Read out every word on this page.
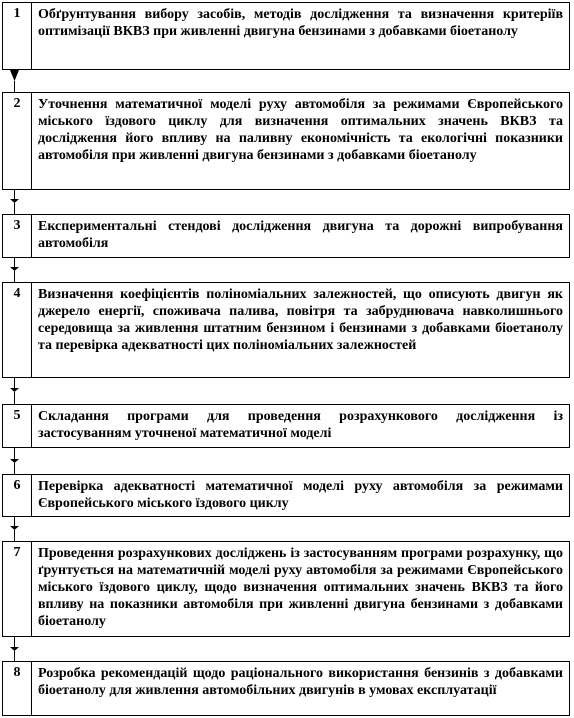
1	Обґрунтування вибору засобів, методів дослідження та визначення критеріїв оптимізації ВКВЗ при живленні двигуна бензинами з добавками біоетанолу
2	Уточнення математичної моделі руху автомобіля за режимами Європейського міського їздового циклу для визначення оптимальних значень ВКВЗ та дослідження його впливу на паливну економічність та екологічні показники автомобіля при живленні двигуна бензинами з добавками біоетанолу
3	Експериментальні стендові дослідження двигуна та дорожні випробування автомобіля
4	Визначення коефіцієнтів поліноміальних залежностей, що описують двигун як джерело енергії, споживача палива, повітря та забруднювача навколишнього середовища за живлення штатним бензином і бензинами з добавками біоетанолу та перевірка адекватності цих поліноміальних залежностей
5	Складання програми для проведення розрахункового дослідження із застосуванням уточненої математичної моделі
6	Перевірка адекватності математичної моделі руху автомобіля за режимами Європейського міського їздового циклу
7	Проведення розрахункових досліджень із застосуванням програми розрахунку, що ґрунтується на математичній моделі руху автомобіля за режимами Європейського міського їздового циклу, щодо визначення оптимальних значень ВКВЗ та його впливу на показники автомобіля при живленні двигуна бензинами з добавками біоетанолу
8	Розробка рекомендацій щодо раціонального використання бензинів з добавками біоетанолу для живлення автомобільних двигунів в умовах експлуатації
